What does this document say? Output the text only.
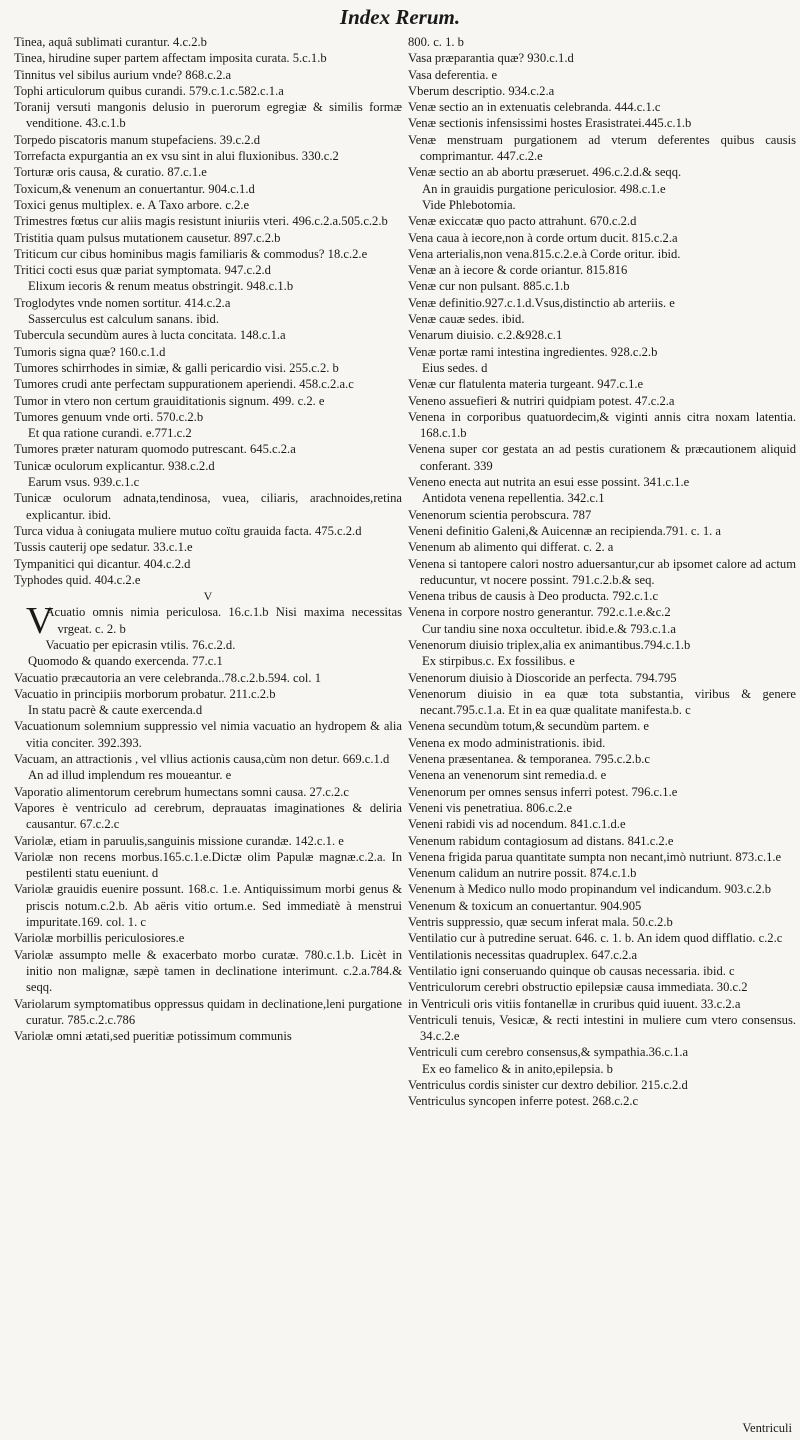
Index Rerum.
Tinea, aquâ sublimati curantur. 4.c.2.b
Tinea, hirudine super partem affectam imposita curata. 5.c.1.b
Tinnitus vel sibilus aurium vnde? 868.c.2.a
Tophi articulorum quibus curandi. 579.c.1.c.582.c.1.a
Toranij versuti mangonis delusio in puerorum egregiæ & similis formæ venditione. 43.c.1.b
Torpedo piscatoris manum stupefaciens. 39.c.2.d
Torrefacta expurgantia an ex vsu sint in alui fluxionibus. 330.c.2
Torturæ oris causa, & curatio. 87.c.1.e
Toxicum,& venenum an conuertantur. 904.c.1.d
Toxici genus multiplex. e. A Taxo arbore. c.2.e
Trimestres fœtus cur aliis magis resistunt iniuriis vteri. 496.c.2.a.505.c.2.b
Tristitia quam pulsus mutationem causetur. 897.c.2.b
Triticum cur cibus hominibus magis familiaris & commodus? 18.c.2.e
Tritici cocti esus quæ pariat symptomata. 947.c.2.d
Elixum iecoris & renum meatus obstringit. 948.c.1.b
Troglodytes vnde nomen sortitur. 414.c.2.a
Sasserculus est calculum sanans. ibid.
Tubercula secundùm aures à lucta concitata. 148.c.1.a
Tumoris signa quæ? 160.c.1.d
Tumores schirrhodes in simiæ, & galli pericardio visi. 255.c.2. b
Tumores crudi ante perfectam suppurationem aperiendi. 458.c.2.a.c
Tumor in vtero non certum grauiditationis signum. 499. c.2. e
Tumores genuum vnde orti. 570.c.2.b
Et qua ratione curandi. e.771.c.2
Tumores præter naturam quomodo putrescant. 645.c.2.a
Tunicæ oculorum explicantur. 938.c.2.d
Earum vsus. 939.c.1.c
Tunicæ oculorum adnata,tendinosa, vuea, ciliaris, arachnoides,retina explicantur. ibid.
Turca vidua à coniugata muliere mutuo coïtu grauida facta. 475.c.2.d
Tussis cauterij ope sedatur. 33.c.1.e
Tympanitici qui dicantur. 404.c.2.d
Typhodes quid. 404.c.2.e
V
V
Acuatio omnis nimia periculosa. 16.c.1.b Nisi maxima necessitas vrgeat. c. 2. b
Vacuatio per epicrasin vtilis. 76.c.2.d.
Quomodo & quando exercenda. 77.c.1
Vacuatio præcautoria an vere celebranda..78.c.2.b.594. col. 1
Vacuatio in principiis morborum probatur. 211.c.2.b
In statu pacrè & caute exercenda.d
Vacuationum solemnium suppressio vel nimia vacuatio an hydropem & alia vitia conciter. 392.393.
Vacuam, an attractionis , vel vllius actionis causa,cùm non detur. 669.c.1.d
An ad illud implendum res moueantur. e
Vaporatio alimentorum cerebrum humectans somni causa. 27.c.2.c
Vapores è ventriculo ad cerebrum, deprauatas imaginationes & deliria causantur. 67.c.2.c
Variolæ, etiam in paruulis,sanguinis missione curandæ. 142.c.1. e
Variolæ non recens morbus.165.c.1.e.Dictæ olim Papulæ magnæ.c.2.a. In pestilenti statu eueniunt. d
Variolæ grauidis euenire possunt. 168.c. 1.e. Antiquissimum morbi genus & priscis notum.c.2.b. Ab aëris vitio ortum.e. Sed immediatè à menstrui impuritate.169. col. 1. c
Variolæ morbillis periculosiores.e
Variolæ assumpto melle & exacerbato morbo curatæ. 780.c.1.b. Licèt in initio non malignæ, sæpè tamen in declinatione interimunt. c.2.a.784.& seqq.
Variolarum symptomatibus oppressus quidam in declinatione,leni purgatione curatur. 785.c.2.c.786
Variolæ omni ætati,sed pueritiæ potissimum communis
800. c. 1. b
Vasa præparantia quæ? 930.c.1.d
Vasa deferentia. e
Vberum descriptio. 934.c.2.a
Venæ sectio an in extenuatis celebranda. 444.c.1.c
Venæ sectionis infensissimi hostes Erasistratei.445.c.1.b
Venæ menstruam purgationem ad vterum deferentes quibus causis comprimantur. 447.c.2.e
Venæ sectio an ab abortu præseruet. 496.c.2.d.& seqq.
An in grauidis purgatione periculosior. 498.c.1.e
Vide Phlebotomia.
Venæ exiccatæ quo pacto attrahunt. 670.c.2.d
Vena caua à iecore,non à corde ortum ducit. 815.c.2.a
Vena arterialis,non vena.815.c.2.e.à Corde oritur. ibid.
Venæ an à iecore & corde oriantur. 815.816
Venæ cur non pulsant. 885.c.1.b
Venæ definitio.927.c.1.d.Vsus,distinctio ab arteriis. e
Venæ cauæ sedes. ibid.
Venarum diuisio. c.2.&928.c.1
Venæ portæ rami intestina ingredientes. 928.c.2.b
Eius sedes. d
Venæ cur flatulenta materia turgeant. 947.c.1.e
Veneno assuefieri & nutriri quidpiam potest. 47.c.2.a
Venena in corporibus quatuordecim,& viginti annis citra noxam latentia. 168.c.1.b
Venena super cor gestata an ad pestis curationem & præcautionem aliquid conferant. 339
Veneno enecta aut nutrita an esui esse possint. 341.c.1.e
Antidota venena repellentia. 342.c.1
Venenorum scientia perobscura. 787
Veneni definitio Galeni,& Auicennæ an recipienda.791. c. 1. a
Venenum ab alimento qui differat. c. 2. a
Venena si tantopere calori nostro aduersantur,cur ab ipsomet calore ad actum reducuntur, vt nocere possint. 791.c.2.b.& seq.
Venena tribus de causis à Deo producta. 792.c.1.c
Venena in corpore nostro generantur. 792.c.1.e.&c.2
Cur tandiu sine noxa occultetur. ibid.e.& 793.c.1.a
Venenorum diuisio triplex,alia ex animantibus.794.c.1.b
Ex stirpibus.c. Ex fossilibus. e
Venenorum diuisio à Dioscoride an perfecta. 794.795
Venenorum diuisio in ea quæ tota substantia, viribus & genere necant.795.c.1.a. Et in ea quæ qualitate manifesta.b. c
Venena secundùm totum,& secundùm partem. e
Venena ex modo administrationis. ibid.
Venena præsentanea. & temporanea. 795.c.2.b.c
Venena an venenorum sint remedia.d. e
Venenorum per omnes sensus inferri potest. 796.c.1.e
Veneni vis penetratiua. 806.c.2.e
Veneni rabidi vis ad nocendum. 841.c.1.d.e
Venenum rabidum contagiosum ad distans. 841.c.2.e
Venena frigida parua quantitate sumpta non necant,imò nutriunt. 873.c.1.e
Venenum calidum an nutrire possit. 874.c.1.b
Venenum à Medico nullo modo propinandum vel indicandum. 903.c.2.b
Venenum & toxicum an conuertantur. 904.905
Ventris suppressio, quæ secum inferat mala. 50.c.2.b
Ventilatio cur à putredine seruat. 646. c. 1. b. An idem quod difflatio. c.2.c
Ventilationis necessitas quadruplex. 647.c.2.a
Ventilatio igni conseruando quinque ob causas necessaria. ibid. c
Ventriculorum cerebri obstructio epilepsiæ causa immediata. 30.c.2
in Ventriculi oris vitiis fontanellæ in cruribus quid iuuent. 33.c.2.a
Ventriculi tenuis, Vesicæ, & recti intestini in muliere cum vtero consensus. 34.c.2.e
Ventriculi cum cerebro consensus,& sympathia.36.c.1.a
Ex eo famelico & in anito,epilepsia. b
Ventriculus cordis sinister cur dextro debilior. 215.c.2.d
Ventriculus syncopen inferre potest. 268.c.2.c
Ventriculi
